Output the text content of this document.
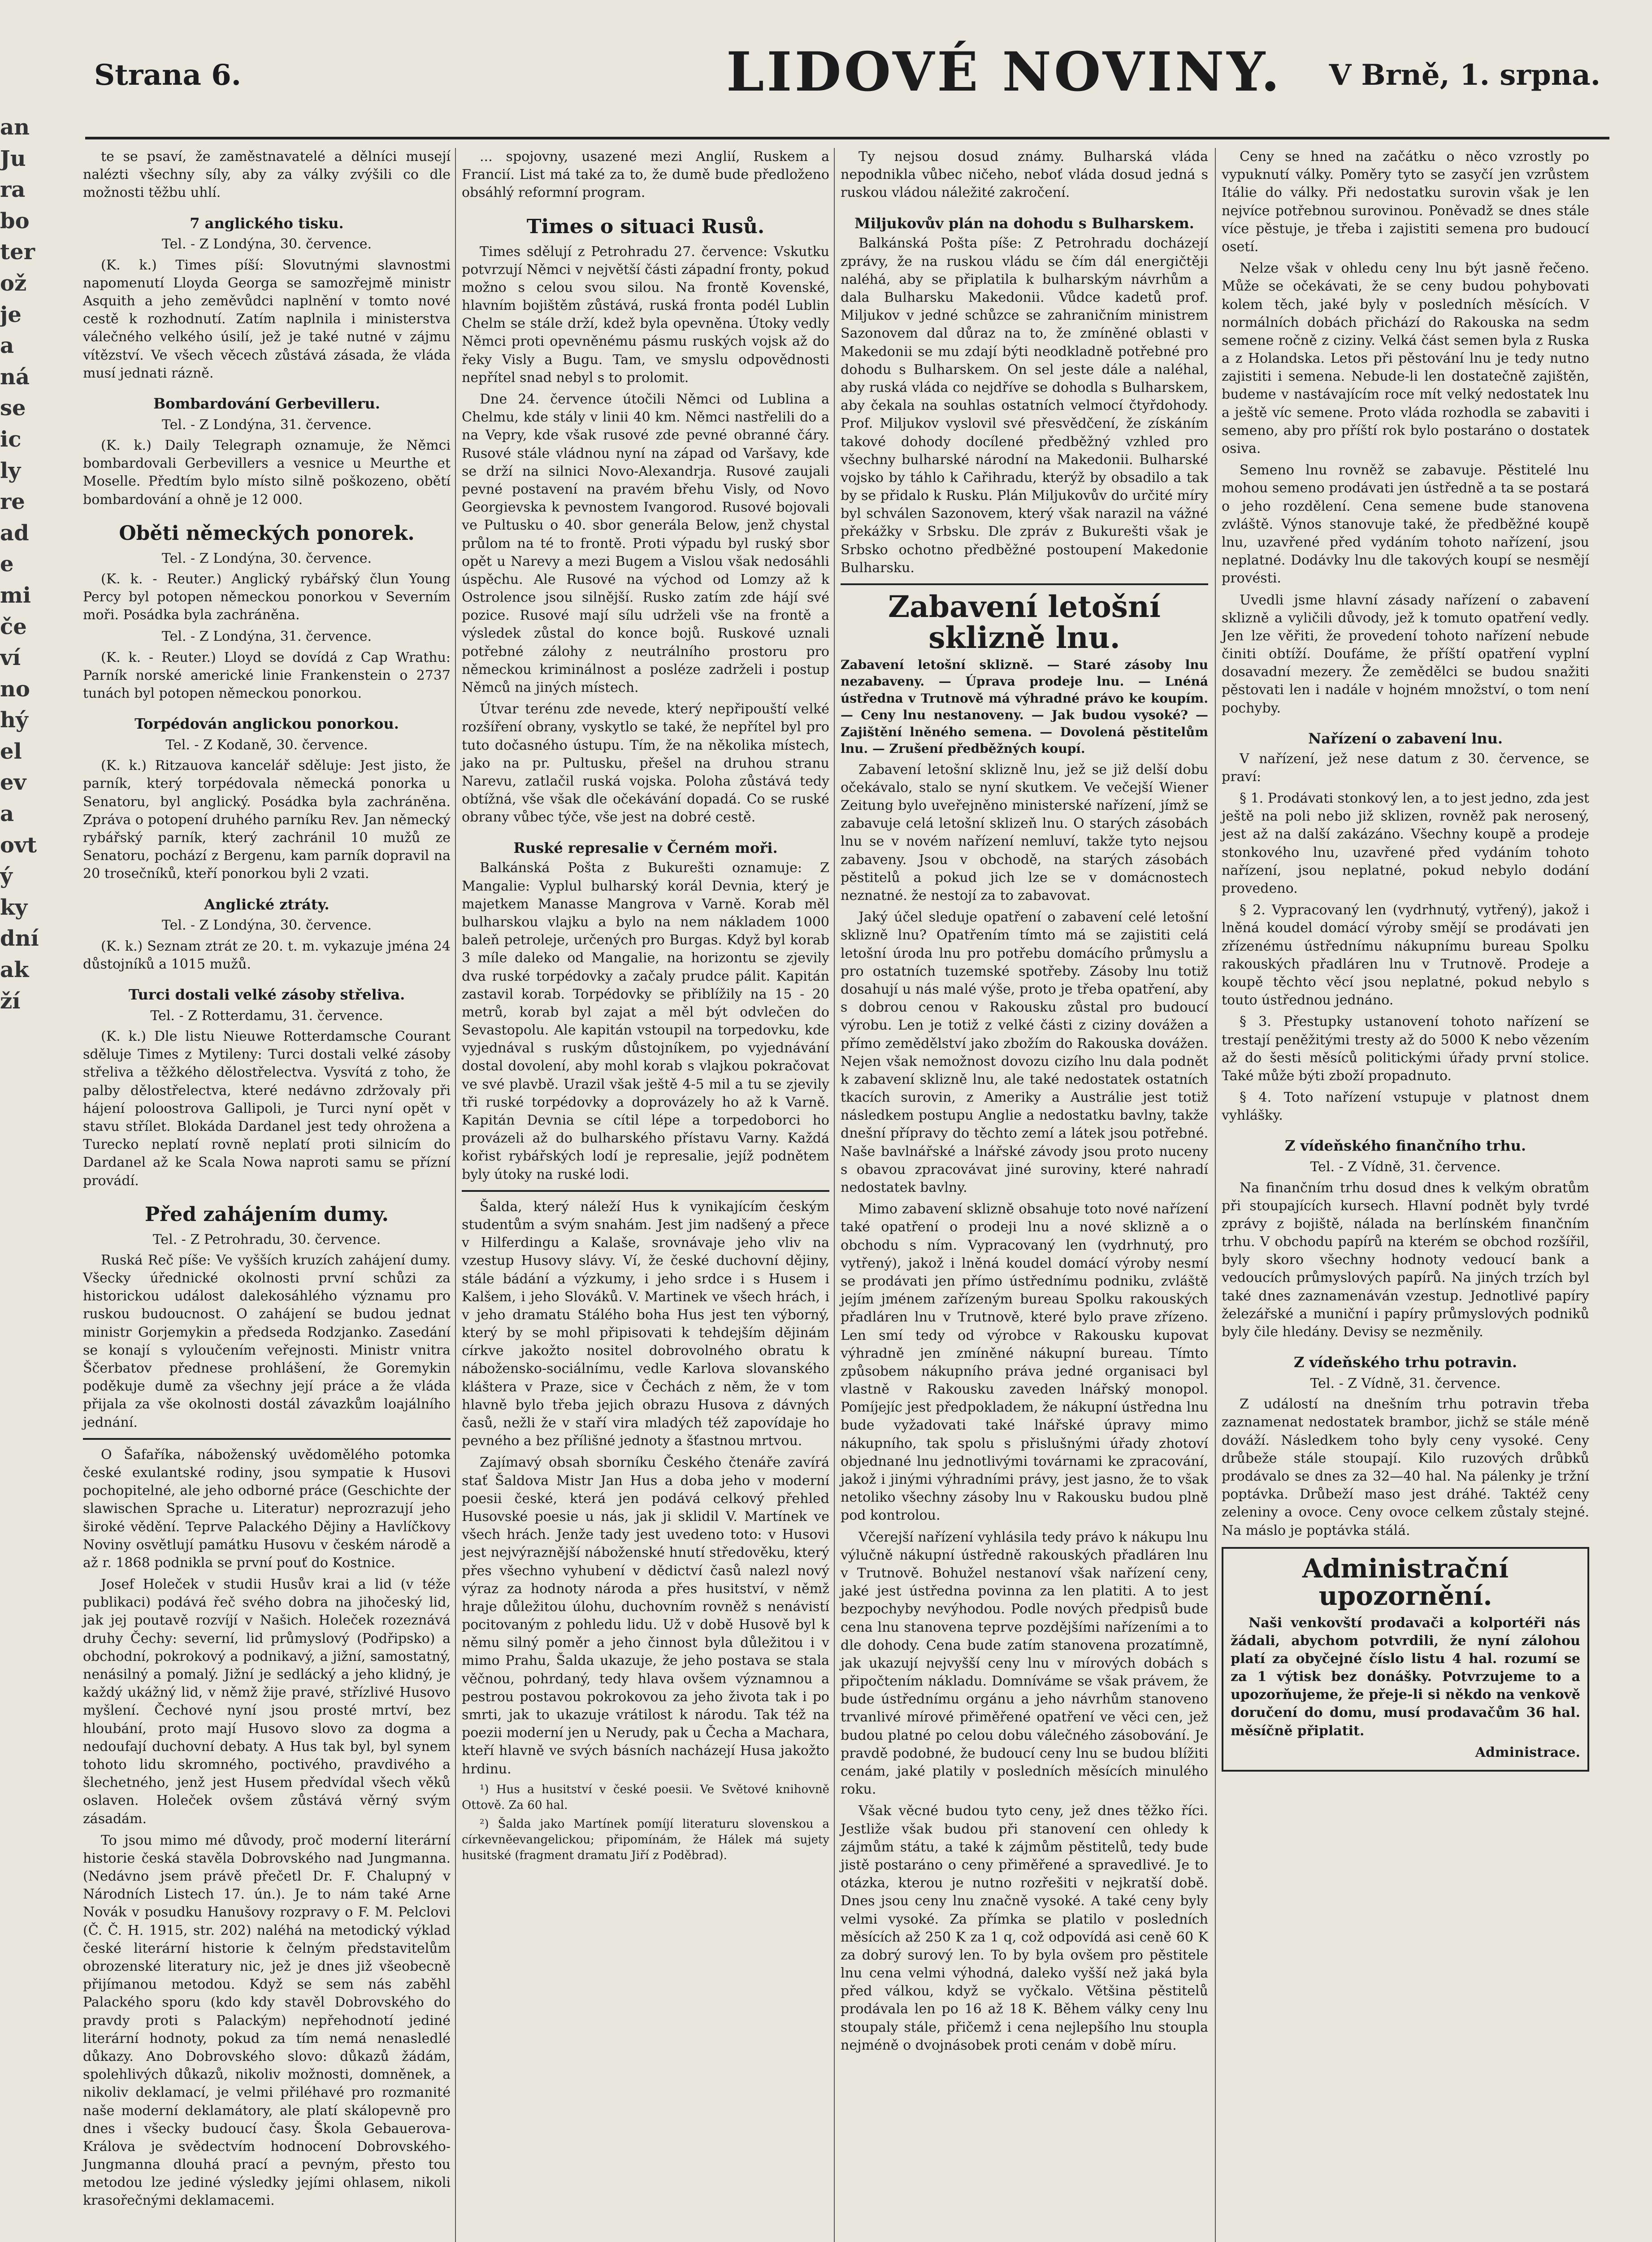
Strana 6.	LIDOVÉ NOVINY. V Brně, 1. srpna.
an
Ju
ra
bo
ter
ož
je
a
ná
se
ic
ly
re
ad
e
mi
če
ví
no
hý
el
ev
a
ovt
ý
ky
dní
ak
ží

te se psaví, že zaměstnavatelé a dělníci musejí nalézti všechny síly, aby za války zvýšili co dle možnosti těžbu uhlí.

7 anglického tisku.

Tel. - Z Londýna, 30. července.

(K. k.) Times píší: Slovutnými slavnostmi napomenutí Lloyda Georga se samozřejmě ministr Asquith a jeho zeměvůdci naplnění v tomto nové cestě k rozhodnutí. Zatím naplnila i ministerstva válečného velkého úsilí, jež je také nutné v zájmu vítězství. Ve všech věcech zůstává zásada, že vláda musí jednati rázně.

Bombardování Gerbevilleru.

Tel. - Z Londýna, 31. července.

(K. k.) Daily Telegraph oznamuje, že Němci bombardovali Gerbevillers a vesnice u Meurthe et Moselle. Předtím bylo místo silně poškozeno, obětí bombardování a ohně je 12 000.

Oběti německých ponorek.

Tel. - Z Londýna, 30. července.

(K. k. - Reuter.) Anglický rybářský člun Young Percy byl potopen německou ponorkou v Severním moři. Posádka byla zachráněna.

Tel. - Z Londýna, 31. července.

(K. k. - Reuter.) Lloyd se dovídá z Cap Wrathu: Parník norské americké linie Frankenstein o 2737 tunách byl potopen německou ponorkou.

Torpédován anglickou ponorkou.

Tel. - Z Kodaně, 30. července.

(K. k.) Ritzauova kancelář sděluje: Jest jisto, že parník, který torpédovala německá ponorka u Senatoru, byl anglický. Posádka byla zachráněna. Zpráva o potopení druhého parníku Rev. Jan německý rybářský parník, který zachránil 10 mužů ze Senatoru, pochází z Bergenu, kam parník dopravil na 20 trosečníků, kteří ponorkou byli 2 vzati.

Anglické ztráty.

Tel. - Z Londýna, 30. července.

(K. k.) Seznam ztrát ze 20. t. m. vykazuje jména 24 důstojníků a 1015 mužů.

Turci dostali velké zásoby střeliva.

Tel. - Z Rotterdamu, 31. července.

(K. k.) Dle listu Nieuwe Rotterdamsche Courant sděluje Times z Mytileny: Turci dostali velké zásoby střeliva a těžkého dělostřelectva. Vysvítá z toho, že palby dělostřelectva, které nedávno zdržovaly při hájení poloostrova Gallipoli, je Turci nyní opět v stavu střílet. Blokáda Dardanel jest tedy ohrožena a Turecko neplatí rovně neplatí proti silnicím do Dardanel až ke Scala Nowa naproti samu se přízní provádí.

Před zahájením dumy.

Tel. - Z Petrohradu, 30. července.

Ruská Reč píše: Ve vyšších kruzích zahájení dumy. Všecky úřednické okolnosti první schůzi za historickou událost dalekosáhlého významu pro ruskou budoucnost. O zahájení se budou jednat ministr Gorjemykin a předseda Rodzjanko. Zasedání se konají s vyloučením veřejnosti. Ministr vnitra Ščerbatov přednese prohlášení, že Goremykin poděkuje dumě za všechny její práce a že vláda přijala za vše okolnosti dostál závazkům loajálního jednání.

O Šafaříka, náboženský uvědomělého potomka české exulantské rodiny, jsou sympatie k Husovi pochopitelné, ale jeho odborné práce (Geschichte der slawischen Sprache u. Literatur) neprozrazují jeho široké vědění. Teprve Palackého Dějiny a Havlíčkovy Noviny osvětlují památku Husovu v českém národě a až r. 1868 podnikla se první pouť do Kostnice.

Josef Holeček v studii Husův krai a lid (v téže publikaci) podává řeč svého dobra na jihočeský lid, jak jej poutavě rozvíjí v Našich. Holeček rozeznává druhy Čechy: severní, lid průmyslový (Podřipsko) a obchodní, pokrokový a podnikavý, a jižní, samostatný, nenásilný a pomalý. Jižní je sedlácký a jeho klidný, je každý ukážný lid, v němž žije pravé, střízlivé Husovo myšlení. Čechové nyní jsou prosté mrtví, bez hloubání, proto mají Husovo slovo za dogma a nedoufají duchovní debaty. A Hus tak byl, byl synem tohoto lidu skromného, poctivého, pravdivého a šlechetného, jenž jest Husem předvídal všech věků oslaven. Holeček ovšem zůstává věrný svým zásadám.

To jsou mimo mé důvody, proč moderní literární historie česká stavěla Dobrovského nad Jungmanna. (Nedávno jsem právě přečetl Dr. F. Chalupný v Národních Listech 17. ún.). Je to nám také Arne Novák v posudku Hanušovy rozpravy o F. M. Pelclovi (Č. Č. H. 1915, str. 202) naléhá na metodický výklad české literární historie k čelným představitelům obrozenské literatury nic, jež je dnes již všeobecně přijímanou metodou. Když se sem nás zaběhl Palackého sporu (kdo kdy stavěl Dobrovského do pravdy proti s Palackým) nepřehodnotí jediné literární hodnoty, pokud za tím nemá nenasledlé důkazy. Ano Dobrovského slovo: důkazů žádám, spolehlivých důkazů, nikoliv možnosti, domněnek, a nikoliv deklamací, je velmi přiléhavé pro rozmanité naše moderní deklamátory, ale platí skálopevně pro dnes i všecky budoucí časy. Škola Gebauerova-Králova je svědectvím hodnocení Dobrovského-Jungmanna dlouhá prací a pevným, přesto tou metodou lze jediné výsledky jejími ohlasem, nikoli krasořečnými deklamacemi.

... spojovny, usazené mezi Anglií, Ruskem a Francií. List má také za to, že dumě bude předloženo obsáhlý reformní program.

Times o situaci Rusů.

Times sdělují z Petrohradu 27. července: Vskutku potvrzují Němci v největší části západní fronty, pokud možno s celou svou silou. Na frontě Kovenské, hlavním bojištěm zůstává, ruská fronta podél Lublin Chelm se stále drží, kdež byla opevněna. Útoky vedly Němci proti opevněnému pásmu ruských vojsk až do řeky Visly a Bugu. Tam, ve smyslu odpovědnosti nepřítel snad nebyl s to prolomit.

Dne 24. července útočili Němci od Lublina a Chelmu, kde stály v linii 40 km. Němci nastřelili do a na Vepry, kde však rusové zde pevné obranné čáry. Rusové stále vládnou nyní na západ od Varšavy, kde se drží na silnici Novo-Alexandrja. Rusové zaujali pevné postavení na pravém břehu Visly, od Novo Georgievska k pevnostem Ivangorod. Rusové bojovali ve Pultusku o 40. sbor generála Below, jenž chystal průlom na té to frontě. Proti výpadu byl ruský sbor opět u Narevy a mezi Bugem a Vislou však nedosáhli úspěchu. Ale Rusové na východ od Lomzy až k Ostrolence jsou silnější. Rusko zatím zde hájí své pozice. Rusové mají sílu udrželi vše na frontě a výsledek zůstal do konce bojů. Ruskové uznali potřebné zálohy z neutrálního prostoru pro německou kriminálnost a posléze zadrželi i postup Němců na jiných místech.

Útvar terénu zde nevede, který nepřipouští velké rozšíření obrany, vyskytlo se také, že nepřítel byl pro tuto dočasného ústupu. Tím, že na několika místech, jako na pr. Pultusku, přešel na druhou stranu Narevu, zatlačil ruská vojska. Poloha zůstává tedy obtížná, vše však dle očekávání dopadá. Co se ruské obrany vůbec týče, vše jest na dobré cestě.

Ruské represalie v Černém moři.

Balkánská Pošta z Bukurešti oznamuje: Z Mangalie: Vyplul bulharský korál Devnia, který je majetkem Manasse Mangrova v Varně. Korab měl bulharskou vlajku a bylo na nem nákladem 1000 baleň petroleje, určených pro Burgas. Když byl korab 3 míle daleko od Mangalie, na horizontu se zjevily dva ruské torpédovky a začaly prudce pálit. Kapitán zastavil korab. Torpédovky se přiblížily na 15 - 20 metrů, korab byl zajat a měl být odvlečen do Sevastopolu. Ale kapitán vstoupil na torpedovku, kde vyjednával s ruským důstojníkem, po vyjednávání dostal dovolení, aby mohl korab s vlajkou pokračovat ve své plavbě. Urazil však ještě 4-5 mil a tu se zjevily tři ruské torpédovky a doprovázely ho až k Varně. Kapitán Devnia se cítil lépe a torpedoborci ho provázeli až do bulharského přístavu Varny. Každá kořist rybářských lodí je represalie, jejíž podnětem byly útoky na ruské lodi.

Šalda, který náleží Hus k vynikajícím českým studentům a svým snahám. Jest jim nadšený a přece v Hilferdingu a Kalaše, srovnávaje jeho vliv na vzestup Husovy slávy. Ví, že české duchovní dějiny, stále bádání a výzkumy, i jeho srdce i s Husem i Kalšem, i jeho Slováků. V. Martinek ve všech hrách, i v jeho dramatu Stálého boha Hus jest ten výborný, který by se mohl připisovati k tehdejším dějinám církve jakožto nositel dobrovolného obratu k nábožensko-sociálnímu, vedle Karlova slovanského kláštera v Praze, sice v Čechách z něm, že v tom hlavně bylo třeba jejich obrazu Husova z dávných časů, nežli že v staří vira mladých též zapovídaje ho pevného a bez přílišné jednoty a šťastnou mrtvou.

Zajímavý obsah sborníku Českého čtenáře zavírá stať Šaldova Mistr Jan Hus a doba jeho v moderní poesii české, která jen podává celkový přehled Husovské poesie u nás, jak ji sklidil V. Martínek ve všech hrách. Jenže tady jest uvedeno toto: v Husovi jest nejvýraznější náboženské hnutí středověku, který přes všechno vyhubení v dědictví časů nalezl nový výraz za hodnoty národa a přes husitství, v němž hraje důležitou úlohu, duchovním rovněž s nenávistí pocitovaným z pohledu lidu. Už v době Husově byl k němu silný poměr a jeho činnost byla důležitou i v mimo Prahu, Šalda ukazuje, že jeho postava se stala věčnou, pohrdaný, tedy hlava ovšem významnou a pestrou postavou pokrokovou za jeho života tak i po smrti, jak to ukazuje vrátilost k národu. Tak též na poezii moderní jen u Nerudy, pak u Čecha a Machara, kteří hlavně ve svých básních nacházejí Husa jakožto hrdinu.

¹) Hus a husitství v české poesii. Ve Světové knihovně Ottově. Za 60 hal.

²) Šalda jako Martínek pomíjí literaturu slovenskou a církevněevangelickou; připomínám, že Hálek má sujety husitské (fragment dramatu Jiří z Poděbrad).

Ty nejsou dosud známy. Bulharská vláda nepodnikla vůbec ničeho, neboť vláda dosud jedná s ruskou vládou náležité zakročení.

Miljukovův plán na dohodu s Bulharskem.

Balkánská Pošta píše: Z Petrohradu docházejí zprávy, že na ruskou vládu se čím dál energičtěji naléhá, aby se připlatila k bulharským návrhům a dala Bulharsku Makedonii. Vůdce kadetů prof. Miljukov v jedné schůzce se zahraničním ministrem Sazonovem dal důraz na to, že zmíněné oblasti v Makedonii se mu zdají býti neodkladně potřebné pro dohodu s Bulharskem. On sel jeste dále a naléhal, aby ruská vláda co nejdříve se dohodla s Bulharskem, aby čekala na souhlas ostatních velmocí čtyřdohody. Prof. Miljukov vyslovil své přesvědčení, že získáním takové dohody docílené předběžný vzhled pro všechny bulharské národní na Makedonii. Bulharské vojsko by táhlo k Cařihradu, kterýž by obsadilo a tak by se přidalo k Rusku. Plán Miljukovův do určité míry byl schválen Sazonovem, který však narazil na vážné překážky v Srbsku. Dle zpráv z Bukurešti však je Srbsko ochotno předběžné postoupení Makedonie Bulharsku.

Zabavení letošní sklizně lnu.

Zabavení letošní sklizně. — Staré zásoby lnu nezabaveny. — Úprava prodeje lnu. — Lnéná ústředna v Trutnově má výhradné právo ke koupím. — Ceny lnu nestanoveny. — Jak budou vysoké? — Zajištění lněného semena. — Dovolená pěstitelům lnu. — Zrušení předběžných koupí.

Zabavení letošní sklizně lnu, jež se již delší dobu očekávalo, stalo se nyní skutkem. Ve večejší Wiener Zeitung bylo uveřejněno ministerské nařízení, jímž se zabavuje celá letošní sklizeň lnu. O starých zásobách lnu se v novém nařízení nemluví, takže tyto nejsou zabaveny. Jsou v obchodě, na starých zásobách pěstitelů a pokud jich lze se v domácnostech neznatné. že nestojí za to zabavovat.

Jaký účel sleduje opatření o zabavení celé letošní sklizně lnu? Opatřením tímto má se zajistiti celá letošní úroda lnu pro potřebu domácího průmyslu a pro ostatních tuzemské spotřeby. Zásoby lnu totiž dosahují u nás malé výše, proto je třeba opatření, aby s dobrou cenou v Rakousku zůstal pro budoucí výrobu. Len je totiž z velké části z ciziny dovážen a přímo zemědělství jako zbožím do Rakouska dovážen. Nejen však nemožnost dovozu cizího lnu dala podnět k zabavení sklizně lnu, ale také nedostatek ostatních tkacích surovin, z Ameriky a Austrálie jest totiž následkem postupu Anglie a nedostatku bavlny, takže dnešní přípravy do těchto zemí a látek jsou potřebné. Naše bavlnářské a lnářské závody jsou proto nuceny s obavou zpracovávat jiné suroviny, které nahradí nedostatek bavlny.

Mimo zabavení sklizně obsahuje toto nové nařízení také opatření o prodeji lnu a nové sklizně a o obchodu s ním. Vypracovaný len (vydrhnutý, pro vytřený), jakož i lněná koudel domácí výroby nesmí se prodávati jen přímo ústřednímu podniku, zvláště jejím jménem zařízeným bureau Spolku rakouských přadláren lnu v Trutnově, které bylo prave zřízeno. Len smí tedy od výrobce v Rakousku kupovat výhradně jen zmíněné nákupní bureau. Tímto způsobem nákupního práva jedné organisaci byl vlastně v Rakousku zaveden lnářský monopol. Pomíjejíc jest předpokladem, že nákupní ústředna lnu bude vyžadovati také lnářské úpravy mimo nákupního, tak spolu s přislušnými úřady zhotoví objednané lnu jednotlivými továrnami ke zpracování, jakož i jinými výhradními právy, jest jasno, že to však netoliko všechny zásoby lnu v Rakousku budou plně pod kontrolou.

Včerejší nařízení vyhlásila tedy právo k nákupu lnu výlučně nákupní ústředně rakouských přadláren lnu v Trutnově. Bohužel nestanoví však nařízení ceny, jaké jest ústředna povinna za len platiti. A to jest bezpochyby nevýhodou. Podle nových předpisů bude cena lnu stanovena teprve pozdějšími nařízeními a to dle dohody. Cena bude zatím stanovena prozatímně, jak ukazují nejvyšší ceny lnu v mírových dobách s připočtením nákladu. Domníváme se však právem, že bude ústřednímu orgánu a jeho návrhům stanoveno trvanlivé mírové přiměřené opatření ve věci cen, jež budou platné po celou dobu válečného zásobování. Je pravdě podobné, že budoucí ceny lnu se budou blížiti cenám, jaké platily v posledních měsících minulého roku.

Však věcné budou tyto ceny, jež dnes těžko říci. Jestliže však budou při stanovení cen ohledy k zájmům státu, a také k zájmům pěstitelů, tedy bude jistě postaráno o ceny přiměřené a spravedlivé. Je to otázka, kterou je nutno rozřešiti v nejkratší době. Dnes jsou ceny lnu značně vysoké. A také ceny byly velmi vysoké. Za přímka se platilo v posledních měsících až 250 K za 1 q, což odpovídá asi ceně 60 K za dobrý surový len. To by byla ovšem pro pěstitele lnu cena velmi výhodná, daleko vyšší než jaká byla před válkou, když se vyčkalo. Většina pěstitelů prodávala len po 16 až 18 K. Během války ceny lnu stoupaly stále, přičemž i cena nejlepšího lnu stoupla nejméně o dvojnásobek proti cenám v době míru.

Ceny se hned na začátku o něco vzrostly po vypuknutí války. Poměry tyto se zasyčí jen vzrůstem Itálie do války. Při nedostatku surovin však je len nejvíce potřebnou surovinou. Poněvadž se dnes stále více pěstuje, je třeba i zajistiti semena pro budoucí osetí.

Nelze však v ohledu ceny lnu být jasně řečeno. Může se očekávati, že se ceny budou pohybovati kolem těch, jaké byly v posledních měsících. V normálních dobách přichází do Rakouska na sedm semene ročně z ciziny. Velká část semen byla z Ruska a z Holandska. Letos při pěstování lnu je tedy nutno zajistiti i semena. Nebude-li len dostatečně zajištěn, budeme v nastávajícím roce mít velký nedostatek lnu a ještě víc semene. Proto vláda rozhodla se zabaviti i semeno, aby pro příští rok bylo postaráno o dostatek osiva.

Semeno lnu rovněž se zabavuje. Pěstitelé lnu mohou semeno prodávati jen ústředně a ta se postará o jeho rozdělení. Cena semene bude stanovena zvláště. Výnos stanovuje také, že předběžné koupě lnu, uzavřené před vydáním tohoto nařízení, jsou neplatné. Dodávky lnu dle takových koupí se nesmějí provésti.

Uvedli jsme hlavní zásady nařízení o zabavení sklizně a vyličili důvody, jež k tomuto opatření vedly. Jen lze věřiti, že provedení tohoto nařízení nebude činiti obtíží. Doufáme, že příští opatření vyplní dosavadní mezery. Že zemědělci se budou snažiti pěstovati len i nadále v hojném množství, o tom není pochyby.

Nařízení o zabavení lnu.

V nařízení, jež nese datum z 30. července, se praví:

§ 1. Prodávati stonkový len, a to jest jedno, zda jest ještě na poli nebo již sklizen, rovněž pak nerosený, jest až na další zakázáno. Všechny koupě a prodeje stonkového lnu, uzavřené před vydáním tohoto nařízení, jsou neplatné, pokud nebylo dodání provedeno.

§ 2. Vypracovaný len (vydrhnutý, vytřený), jakož i lněná koudel domácí výroby smějí se prodávati jen zřízenému ústřednímu nákupnímu bureau Spolku rakouských přadláren lnu v Trutnově. Prodeje a koupě těchto věcí jsou neplatné, pokud nebylo s touto ústřednou jednáno.

§ 3. Přestupky ustanovení tohoto nařízení se trestají peněžitými tresty až do 5000 K nebo vězením až do šesti měsíců politickými úřady první stolice. Také může býti zboží propadnuto.

§ 4. Toto nařízení vstupuje v platnost dnem vyhlášky.

Z vídeňského finančního trhu.

Tel. - Z Vídně, 31. července.

Na finančním trhu dosud dnes k velkým obratům při stoupajících kursech. Hlavní podnět byly tvrdé zprávy z bojiště, nálada na berlínském finančním trhu. V obchodu papírů na kterém se obchod rozšířil, byly skoro všechny hodnoty vedoucí bank a vedoucích průmyslových papírů. Na jiných trzích byl také dnes zaznamenáván vzestup. Jednotlivé papíry železářské a muniční i papíry průmyslových podniků byly čile hledány. Devisy se nezměnily.

Z vídeňského trhu potravin.

Tel. - Z Vídně, 31. července.

Z událostí na dnešním trhu potravin třeba zaznamenat nedostatek brambor, jichž se stále méně dováží. Následkem toho byly ceny vysoké. Ceny drůbeže stále stoupají. Kilo ruzových drůbků prodávalo se dnes za 32—40 hal. Na pálenky je tržní poptávka. Drůbeží maso jest dráhé. Taktéž ceny zeleniny a ovoce. Ceny ovoce celkem zůstaly stejné. Na máslo je poptávka stálá.

Administrační upozornění.

Naši venkovští prodavači a kolportéři nás žádali, abychom potvrdili, že nyní zálohou platí za obyčejné číslo listu 4 hal. rozumí se za 1 výtisk bez donášky. Potvrzujeme to a upozorňujeme, že přeje-li si někdo na venkově doručení do domu, musí prodavačům 36 hal. měsíčně připlatit.

Administrace.
